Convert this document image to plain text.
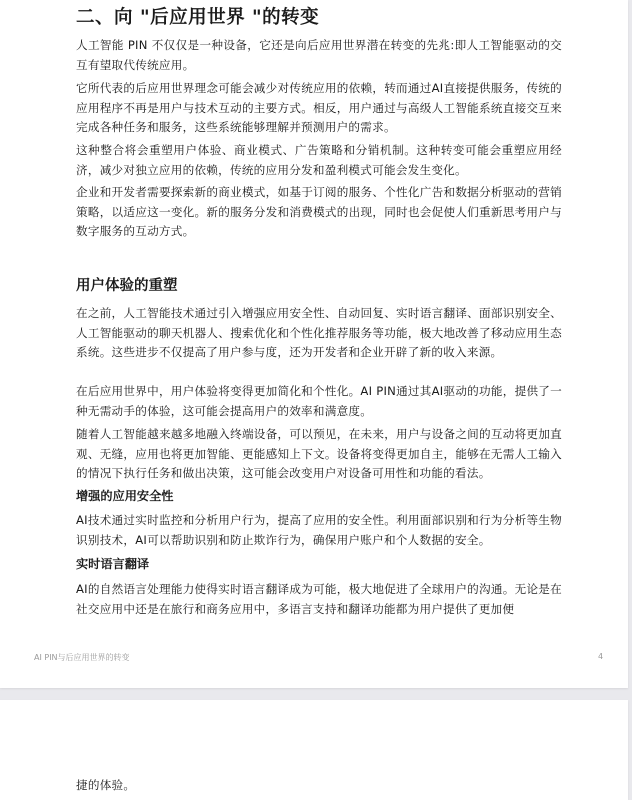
二、向 "后应用世界 "的转变

人工智能 PIN 不仅仅是一种设备，它还是向后应用世界潜在转变的先兆:即人工智能驱动的交互有望取代传统应用。

它所代表的后应用世界理念可能会减少对传统应用的依赖，转而通过AI直接提供服务，传统的应用程序不再是用户与技术互动的主要方式。相反，用户通过与高级人工智能系统直接交互来完成各种任务和服务，这些系统能够理解并预测用户的需求。

这种整合将会重塑用户体验、商业模式、广告策略和分销机制。这种转变可能会重塑应用经济，减少对独立应用的依赖，传统的应用分发和盈利模式可能会发生变化。

企业和开发者需要探索新的商业模式，如基于订阅的服务、个性化广告和数据分析驱动的营销策略，以适应这一变化。新的服务分发和消费模式的出现，同时也会促使人们重新思考用户与数字服务的互动方式。

用户体验的重塑

在之前，人工智能技术通过引入增强应用安全性、自动回复、实时语言翻译、面部识别安全、人工智能驱动的聊天机器人、搜索优化和个性化推荐服务等功能，极大地改善了移动应用生态系统。这些进步不仅提高了用户参与度，还为开发者和企业开辟了新的收入来源。

在后应用世界中，用户体验将变得更加简化和个性化。AI PIN通过其AI驱动的功能，提供了一种无需动手的体验，这可能会提高用户的效率和满意度。

随着人工智能越来越多地融入终端设备，可以预见，在未来，用户与设备之间的互动将更加直观、无缝，应用也将更加智能、更能感知上下文。设备将变得更加自主，能够在无需人工输入的情况下执行任务和做出决策，这可能会改变用户对设备可用性和功能的看法。

增强的应用安全性

AI技术通过实时监控和分析用户行为，提高了应用的安全性。利用面部识别和行为分析等生物识别技术，AI可以帮助识别和防止欺诈行为，确保用户账户和个人数据的安全。

实时语言翻译

AI的自然语言处理能力使得实时语言翻译成为可能，极大地促进了全球用户的沟通。无论是在社交应用中还是在旅行和商务应用中，多语言支持和翻译功能都为用户提供了更加便

AI PIN与后应用世界的转变	4

捷的体验。
